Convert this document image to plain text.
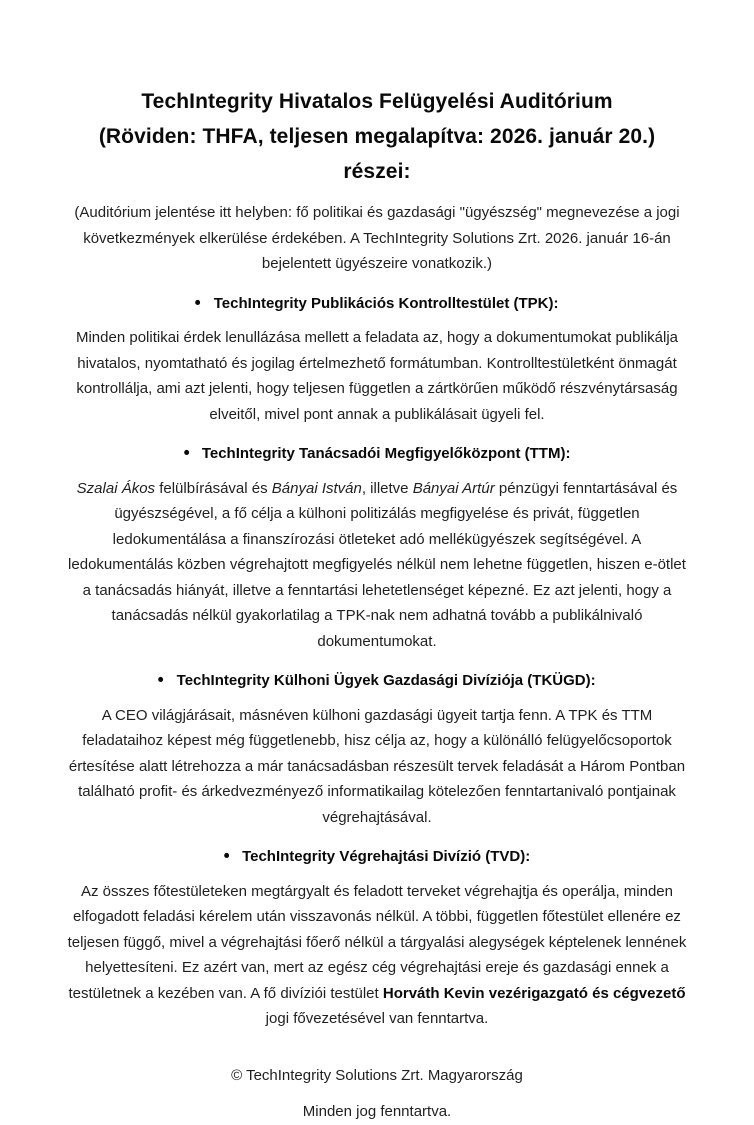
TechIntegrity Hivatalos Felügyelési Auditórium
(Röviden: THFA, teljesen megalapítva: 2026. január 20.)
részei:

(Auditórium jelentése itt helyben: fő politikai és gazdasági "ügyészség" megnevezése a jogi következmények elkerülése érdekében. A TechIntegrity Solutions Zrt. 2026. január 16-án bejelentett ügyészeire vonatkozik.)

• TechIntegrity Publikációs Kontrolltestület (TPK):

Minden politikai érdek lenullázása mellett a feladata az, hogy a dokumentumokat publikálja hivatalos, nyomtatható és jogilag értelmezhető formátumban. Kontrolltestületként önmagát kontrollálja, ami azt jelenti, hogy teljesen független a zártkörűen működő részvénytársaság elveitől, mivel pont annak a publikálásait ügyeli fel.

• TechIntegrity Tanácsadói Megfigyelőközpont (TTM):

Szalai Ákos felülbírásával és Bányai István, illetve Bányai Artúr pénzügyi fenntartásával és ügyészségével, a fő célja a külhoni politizálás megfigyelése és privát, független ledokumentálása a finanszírozási ötleteket adó mellékügyészek segítségével. A ledokumentálás közben végrehajtott megfigyelés nélkül nem lehetne független, hiszen e-ötlet a tanácsadás hiányát, illetve a fenntartási lehetetlenséget képezné. Ez azt jelenti, hogy a tanácsadás nélkül gyakorlatilag a TPK-nak nem adhatná tovább a publikálnivaló dokumentumokat.

• TechIntegrity Külhoni Ügyek Gazdasági Divíziója (TKÜGD):

A CEO világjárásait, másnéven külhoni gazdasági ügyeit tartja fenn. A TPK és TTM feladataihoz képest még függetlenebb, hisz célja az, hogy a különálló felügyelőcsoportok értesítése alatt létrehozza a már tanácsadásban részesült tervek feladását a Három Pontban található profit- és árkedvezményező informatikailag kötelezően fenntartanivaló pontjainak végrehajtásával.

• TechIntegrity Végrehajtási Divízió (TVD):

Az összes főtestületeken megtárgyalt és feladott terveket végrehajtja és operálja, minden elfogadott feladási kérelem után visszavonás nélkül. A többi, független főtestület ellenére ez teljesen függő, mivel a végrehajtási főerő nélkül a tárgyalási alegységek képtelenek lennének helyettesíteni. Ez azért van, mert az egész cég végrehajtási ereje és gazdasági ennek a testületnek a kezében van. A fő divíziói testület Horváth Kevin vezérigazgató és cégvezető jogi fővezetésével van fenntartva.

© TechIntegrity Solutions Zrt. Magyarország
Minden jog fenntartva.
